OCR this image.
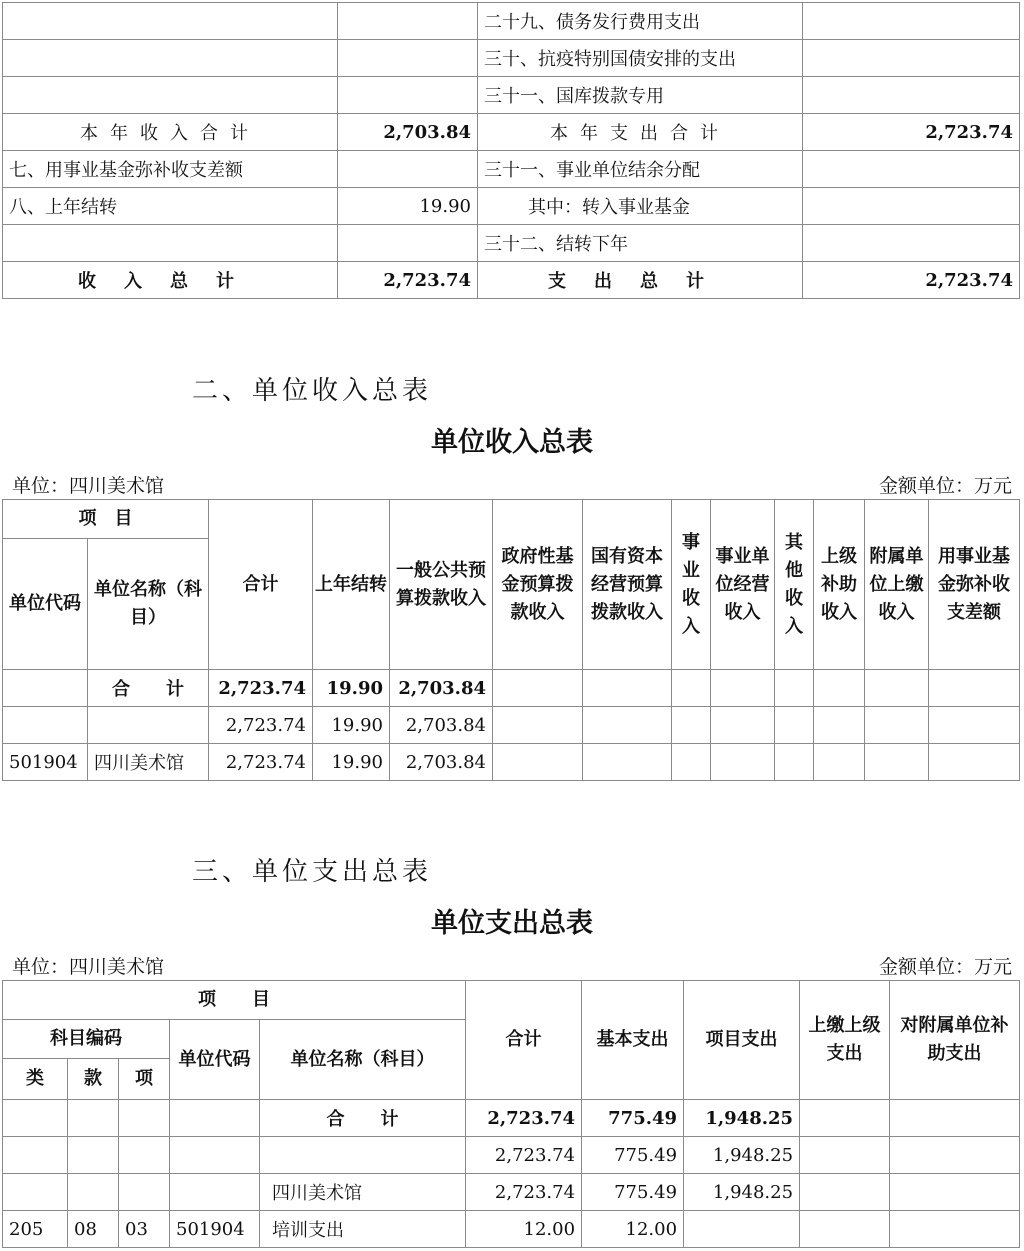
		二十九、债务发行费用支出	
		三十、抗疫特别国债安排的支出	
		三十一、国库拨款专用	
本年收入合计	2,703.84	本年支出合计	2,723.74
七、用事业基金弥补收支差额		三十一、事业单位结余分配	
八、上年结转	19.90	其中：转入事业基金	
		三十二、结转下年	
收入总计	2,723.74	支出总计	2,723.74
二、单位收入总表
单位收入总表
单位：四川美术馆	金额单位：万元
项　目		合计	上年结转	一般公共预算拨款收入	政府性基金预算拨款收入	国有资本经营预算拨款收入	事业收入	事业单位经营收入	其他收入	上级补助收入	附属单位上缴收入	用事业基金弥补收支差额
单位代码	单位名称（科目）											
	合　　计	2,723.74	19.90	2,703.84								
		2,723.74	19.90	2,703.84								
501904	四川美术馆	2,723.74	19.90	2,703.84								
三、单位支出总表
单位支出总表
单位：四川美术馆	金额单位：万元
项　　目					合计	基本支出	项目支出	上缴上级支出	对附属单位补助支出
科目编码			单位代码	单位名称（科目）					
类	款	项							
				合　　计	2,723.74	775.49	1,948.25		
					2,723.74	775.49	1,948.25		
				四川美术馆	2,723.74	775.49	1,948.25		
205	08	03	501904	培训支出	12.00	12.00			
